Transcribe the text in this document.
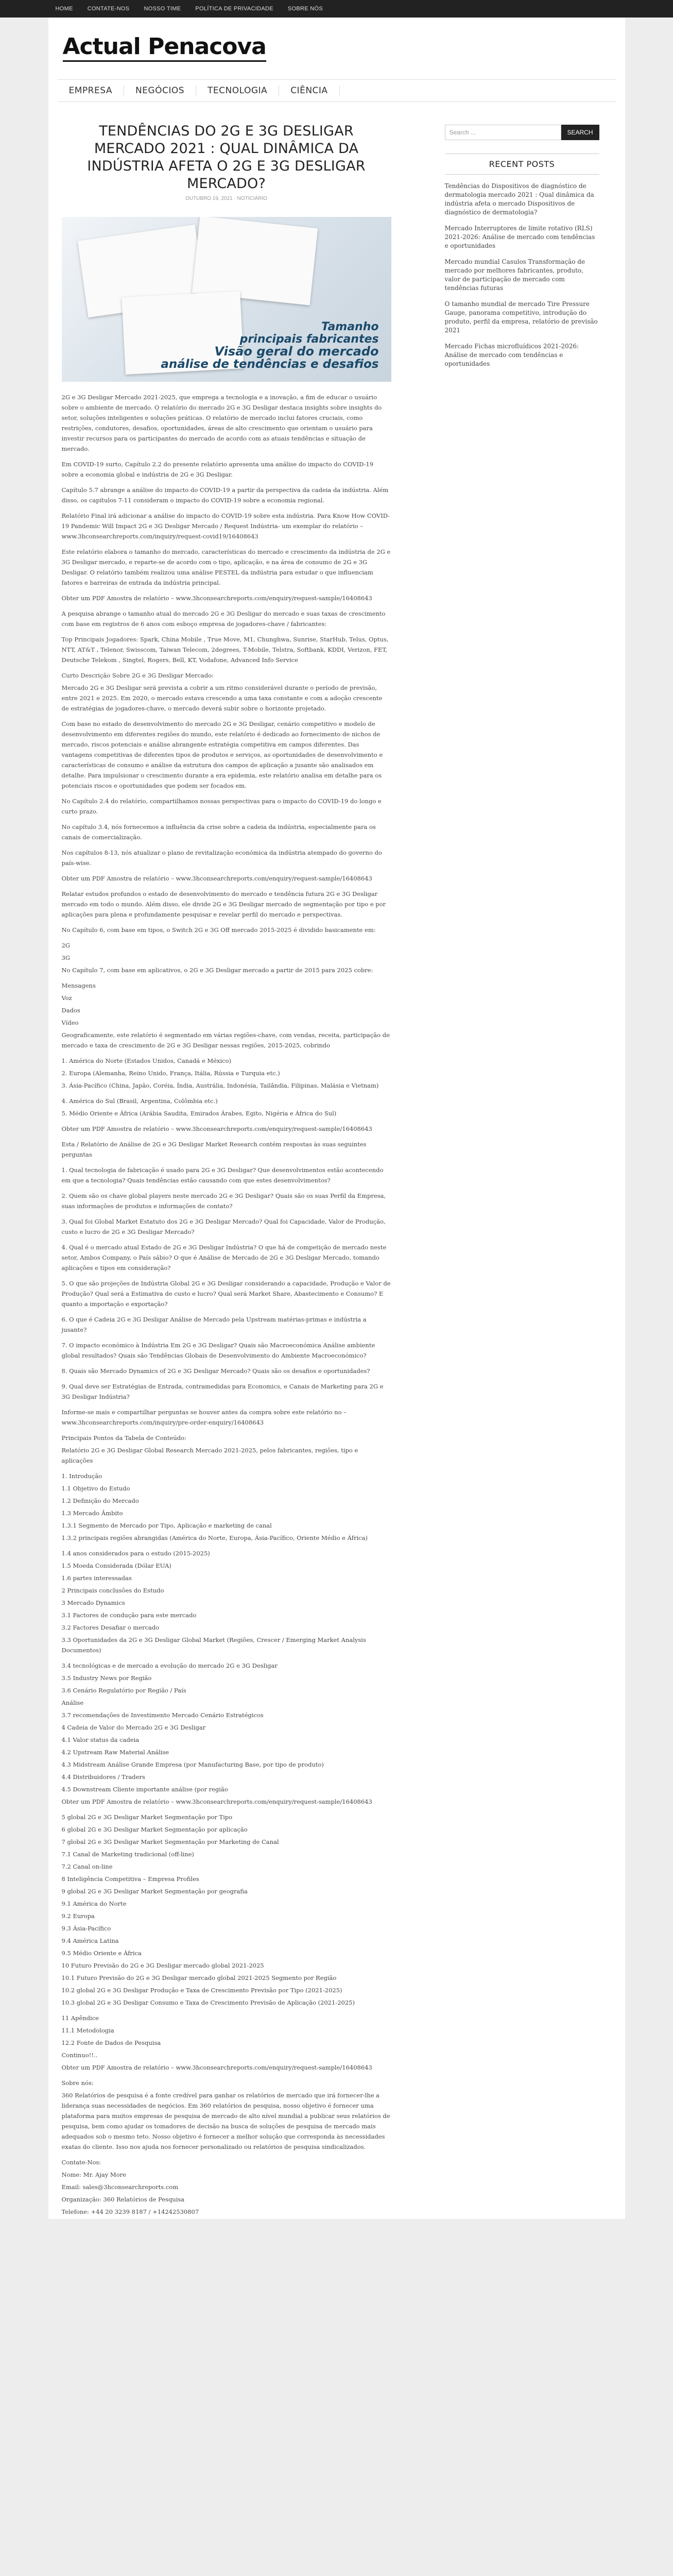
HOME	CONTATE-NOS	NOSSO TIME	POLÍTICA DE PRIVACIDADE	SOBRE NÓS
Actual Penacova
EMPRESA	NEGÓCIOS	TECNOLOGIA	CIÊNCIA
TENDÊNCIAS DO 2G E 3G DESLIGAR MERCADO 2021 : QUAL DINÂMICA DA INDÚSTRIA AFETA O 2G E 3G DESLIGAR MERCADO?
OUTUBRO 19, 2021 · NOTICIÁRIO
Tamanho
principais fabricantes
Visão geral do mercado
análise de tendências e desafios

2G e 3G Desligar Mercado 2021-2025, que emprega a tecnologia e a inovação, a fim de educar o usuário sobre o ambiente de mercado. O relatório do mercado 2G e 3G Desligar destaca insights sobre insights do setor, soluções inteligentes e soluções práticas. O relatório de mercado inclui fatores cruciais, como restrições, condutores, desafios, oportunidades, áreas de alto crescimento que orientam o usuário para investir recursos para os participantes do mercado de acordo com as atuais tendências e situação de mercado.

Em COVID-19 surto, Capítulo 2.2 do presente relatório apresenta uma análise do impacto do COVID-19 sobre a economia global e indústria de 2G e 3G Desligar.

Capítulo 5.7 abrange a análise do impacto do COVID-19 a partir da perspectiva da cadeia da indústria. Além disso, os capítulos 7-11 consideram o impacto do COVID-19 sobre a economia regional.

Relatório Final irá adicionar a análise do impacto do COVID-19 sobre esta indústria. Para Know How COVID-19 Pandemic Will Impact 2G e 3G Desligar Mercado / Request Indústria- um exemplar do relatório – www.3hconsearchreports.com/inquiry/request-covid19/16408643

Este relatório elabora o tamanho do mercado, características do mercado e crescimento da indústria de 2G e 3G Desligar mercado, e reparte-se de acordo com o tipo, aplicação, e na área de consumo de 2G e 3G Desligar. O relatório também realizou uma análise PESTEL da indústria para estudar o que influenciam fatores e barreiras de entrada da indústria principal.

Obter um PDF Amostra de relatório – www.3hconsearchreports.com/enquiry/request-sample/16408643

A pesquisa abrange o tamanho atual do mercado 2G e 3G Desligar do mercado e suas taxas de crescimento com base em registros de 6 anos com esboço empresa de jogadores-chave / fabricantes:

Top Principais Jogadores: Spark, China Mobile , True Move, M1, Chunghwa, Sunrise, StarHub, Telus, Optus, NTT, AT&T , Telenor, Swisscom, Taiwan Telecom, 2degrees, T-Mobile, Telstra, Softbank, KDDI, Verizon, FET, Deutsche Telekom , Singtel, Rogers, Bell, KT, Vodafone, Advanced Info Service

Curto Descrição Sobre 2G e 3G Desligar Mercado:

Mercado 2G e 3G Desligar será prevista a cobrir a um ritmo considerável durante o período de previsão, entre 2021 e 2025. Em 2020, o mercado estava crescendo a uma taxa constante e com a adoção crescente de estratégias de jogadores-chave, o mercado deverá subir sobre o horizonte projetado.

Com base no estado de desenvolvimento do mercado 2G e 3G Desligar, cenário competitivo e modelo de desenvolvimento em diferentes regiões do mundo, este relatório é dedicado ao fornecimento de nichos de mercado, riscos potenciais e análise abrangente estratégia competitiva em campos diferentes. Das vantagens competitivas de diferentes tipos de produtos e serviços, as oportunidades de desenvolvimento e características de consumo e análise da estrutura dos campos de aplicação a jusante são analisados em detalhe. Para impulsionar o crescimento durante a era epidemia, este relatório analisa em detalhe para os potenciais riscos e oportunidades que podem ser focados em.

No Capítulo 2.4 do relatório, compartilhamos nossas perspectivas para o impacto do COVID-19 do longo e curto prazo.

No capítulo 3.4, nós fornecemos a influência da crise sobre a cadeia da indústria, especialmente para os canais de comercialização.

Nos capítulos 8-13, nós atualizar o plano de revitalização económica da indústria atempado do governo do país-wise.

Obter um PDF Amostra de relatório – www.3hconsearchreports.com/enquiry/request-sample/16408643

Relatar estudos profundos o estado de desenvolvimento do mercado e tendência futura 2G e 3G Desligar mercado em todo o mundo. Além disso, ele divide 2G e 3G Desligar mercado de segmentação por tipo e por aplicações para plena e profundamente pesquisar e revelar perfil do mercado e perspectivas.

No Capítulo 6, com base em tipos, o Switch 2G e 3G Off mercado 2015-2025 é dividido basicamente em:

2G

3G

No Capítulo 7, com base em aplicativos, o 2G e 3G Desligar mercado a partir de 2015 para 2025 cobre:

Mensagens

Voz

Dados

Vídeo

Geograficamente, este relatório é segmentado em várias regiões-chave, com vendas, receita, participação de mercado e taxa de crescimento de 2G e 3G Desligar nessas regiões, 2015-2025, cobrindo

1. América do Norte (Estados Unidos, Canadá e México)

2. Europa (Alemanha, Reino Unido, França, Itália, Rússia e Turquia etc.)

3. Ásia-Pacífico (China, Japão, Coréia, Índia, Austrália, Indonésia, Tailândia, Filipinas, Malásia e Vietnam)

4. América do Sul (Brasil, Argentina, Colômbia etc.)

5. Médio Oriente e África (Arábia Saudita, Emirados Árabes, Egito, Nigéria e África do Sul)

Obter um PDF Amostra de relatório – www.3hconsearchreports.com/enquiry/request-sample/16408643

Esta / Relatório de Análise de 2G e 3G Desligar Market Research contém respostas às suas seguintes perguntas

1. Qual tecnologia de fabricação é usado para 2G e 3G Desligar? Que desenvolvimentos estão acontecendo em que a tecnologia? Quais tendências estão causando com que estes desenvolvimentos?

2. Quem são os chave global players neste mercado 2G e 3G Desligar? Quais são os suas Perfil da Empresa, suas informações de produtos e informações de contato?

3. Qual foi Global Market Estatuto dos 2G e 3G Desligar Mercado? Qual foi Capacidade, Valor de Produção, custo e lucro de 2G e 3G Desligar Mercado?

4. Qual é o mercado atual Estado de 2G e 3G Desligar Indústria? O que há de competição de mercado neste setor, Ambos Company, o País sábio? O que é Análise de Mercado de 2G e 3G Desligar Mercado, tomando aplicações e tipos em consideração?

5. O que são projeções de Indústria Global 2G e 3G Desligar considerando a capacidade, Produção e Valor de Produção? Qual será a Estimativa de custo e lucro? Qual será Market Share, Abastecimento e Consumo? E quanto a importação e exportação?

6. O que é Cadeia 2G e 3G Desligar Análise de Mercado pela Upstream matérias-primas e indústria a jusante?

7. O impacto económico à Indústria Em 2G e 3G Desligar? Quais são Macroeconómica Análise ambiente global resultados? Quais são Tendências Globais de Desenvolvimento do Ambiente Macroeconómico?

8. Quais são Mercado Dynamics of 2G e 3G Desligar Mercado? Quais são os desafios e oportunidades?

9. Qual deve ser Estratégias de Entrada, contramedidas para Economics, e Canais de Marketing para 2G e 3G Desligar Indústria?

Informe-se mais e compartilhar perguntas se houver antes da compra sobre este relatório no – www.3hconsearchreports.com/inquiry/pre-order-enquiry/16408643

Principais Pontos da Tabela de Conteúdo:

Relatório 2G e 3G Desligar Global Research Mercado 2021-2025, pelos fabricantes, regiões, tipo e aplicações

1. Introdução

1.1 Objetivo do Estudo

1.2 Definição do Mercado

1.3 Mercado Âmbito

1.3.1 Segmento de Mercado por Tipo, Aplicação e marketing de canal

1.3.2 principais regiões abrangidas (América do Norte, Europa, Ásia-Pacífico, Oriente Médio e África)

1.4 anos considerados para o estudo (2015-2025)

1.5 Moeda Considerada (Dólar EUA)

1.6 partes interessadas

2 Principais conclusões do Estudo

3 Mercado Dynamics

3.1 Factores de condução para este mercado

3.2 Factores Desafiar o mercado

3.3 Oportunidades da 2G e 3G Desligar Global Market (Regiões, Crescer / Emerging Market Analysis Documentos)

3.4 tecnológicas e de mercado a evolução do mercado 2G e 3G Desligar

3.5 Industry News por Região

3.6 Cenário Regulatório por Região / País

Análise

3.7 recomendações de Investimento Mercado Cenário Estratégicos

4 Cadeia de Valor do Mercado 2G e 3G Desligar

4.1 Valor status da cadeia

4.2 Upstream Raw Material Análise

4.3 Midstream Análise Grande Empresa (por Manufacturing Base, por tipo de produto)

4.4 Distribuidores / Traders

4.5 Downstream Cliente importante análise (por região

Obter um PDF Amostra de relatório – www.3hconsearchreports.com/enquiry/request-sample/16408643

5 global 2G e 3G Desligar Market Segmentação por Tipo

6 global 2G e 3G Desligar Market Segmentação por aplicação

7 global 2G e 3G Desligar Market Segmentação por Marketing de Canal

7.1 Canal de Marketing tradicional (off-line)

7.2 Canal on-line

8 Inteligência Competitiva – Empresa Profiles

9 global 2G e 3G Desligar Market Segmentação por geografia

9.1 América do Norte

9.2 Europa

9.3 Ásia-Pacífico

9.4 América Latina

9.5 Médio Oriente e África

10 Futuro Previsão do 2G e 3G Desligar mercado global 2021-2025

10.1 Futuro Previsão do 2G e 3G Desligar mercado global 2021-2025 Segmento por Região

10.2 global 2G e 3G Desligar Produção e Taxa de Crescimento Previsão por Tipo (2021-2025)

10.3 global 2G e 3G Desligar Consumo e Taxa de Crescimento Previsão de Aplicação (2021-2025)

11 Apêndice

11.1 Metodologia

12.2 Fonte de Dados de Pesquisa

Continuo!!..

Obter um PDF Amostra de relatório – www.3hconsearchreports.com/enquiry/request-sample/16408643

Sobre nós:

360 Relatórios de pesquisa é a fonte credível para ganhar os relatórios de mercado que irá fornecer-lhe a liderança suas necessidades de negócios. Em 360 relatórios de pesquisa, nosso objetivo é fornecer uma plataforma para muitos empresas de pesquisa de mercado de alto nível mundial a publicar seus relatórios de pesquisa, bem como ajudar os tomadores de decisão na busca de soluções de pesquisa de mercado mais adequados sob o mesmo teto. Nosso objetivo é fornecer a melhor solução que corresponda às necessidades exatas do cliente. Isso nos ajuda nos fornecer personalizado ou relatórios de pesquisa sindicalizados.

Contate-Nos:

Nome: Mr. Ajay More

Email: sales@3hconsearchreports.com

Organização: 360 Relatórios de Pesquisa

Telefone: +44 20 3239 8187 / +14242530807

Search ...	SEARCH
RECENT POSTS
Tendências do Dispositivos de diagnóstico de dermatologia mercado 2021 : Qual dinâmica da indústria afeta o mercado Dispositivos de diagnóstico de dermatologia?
Mercado Interruptores de limite rotativo (RLS) 2021-2026: Análise de mercado com tendências e oportunidades
Mercado mundial Casulos Transformação de mercado por melhores fabricantes, produto, valor de participação de mercado com tendências futuras
O tamanho mundial de mercado Tire Pressure Gauge, panorama competitivo, introdução do produto, perfil da empresa, relatório de previsão 2021
Mercado Fichas microfluídicos 2021-2026: Análise de mercado com tendências e oportunidades
